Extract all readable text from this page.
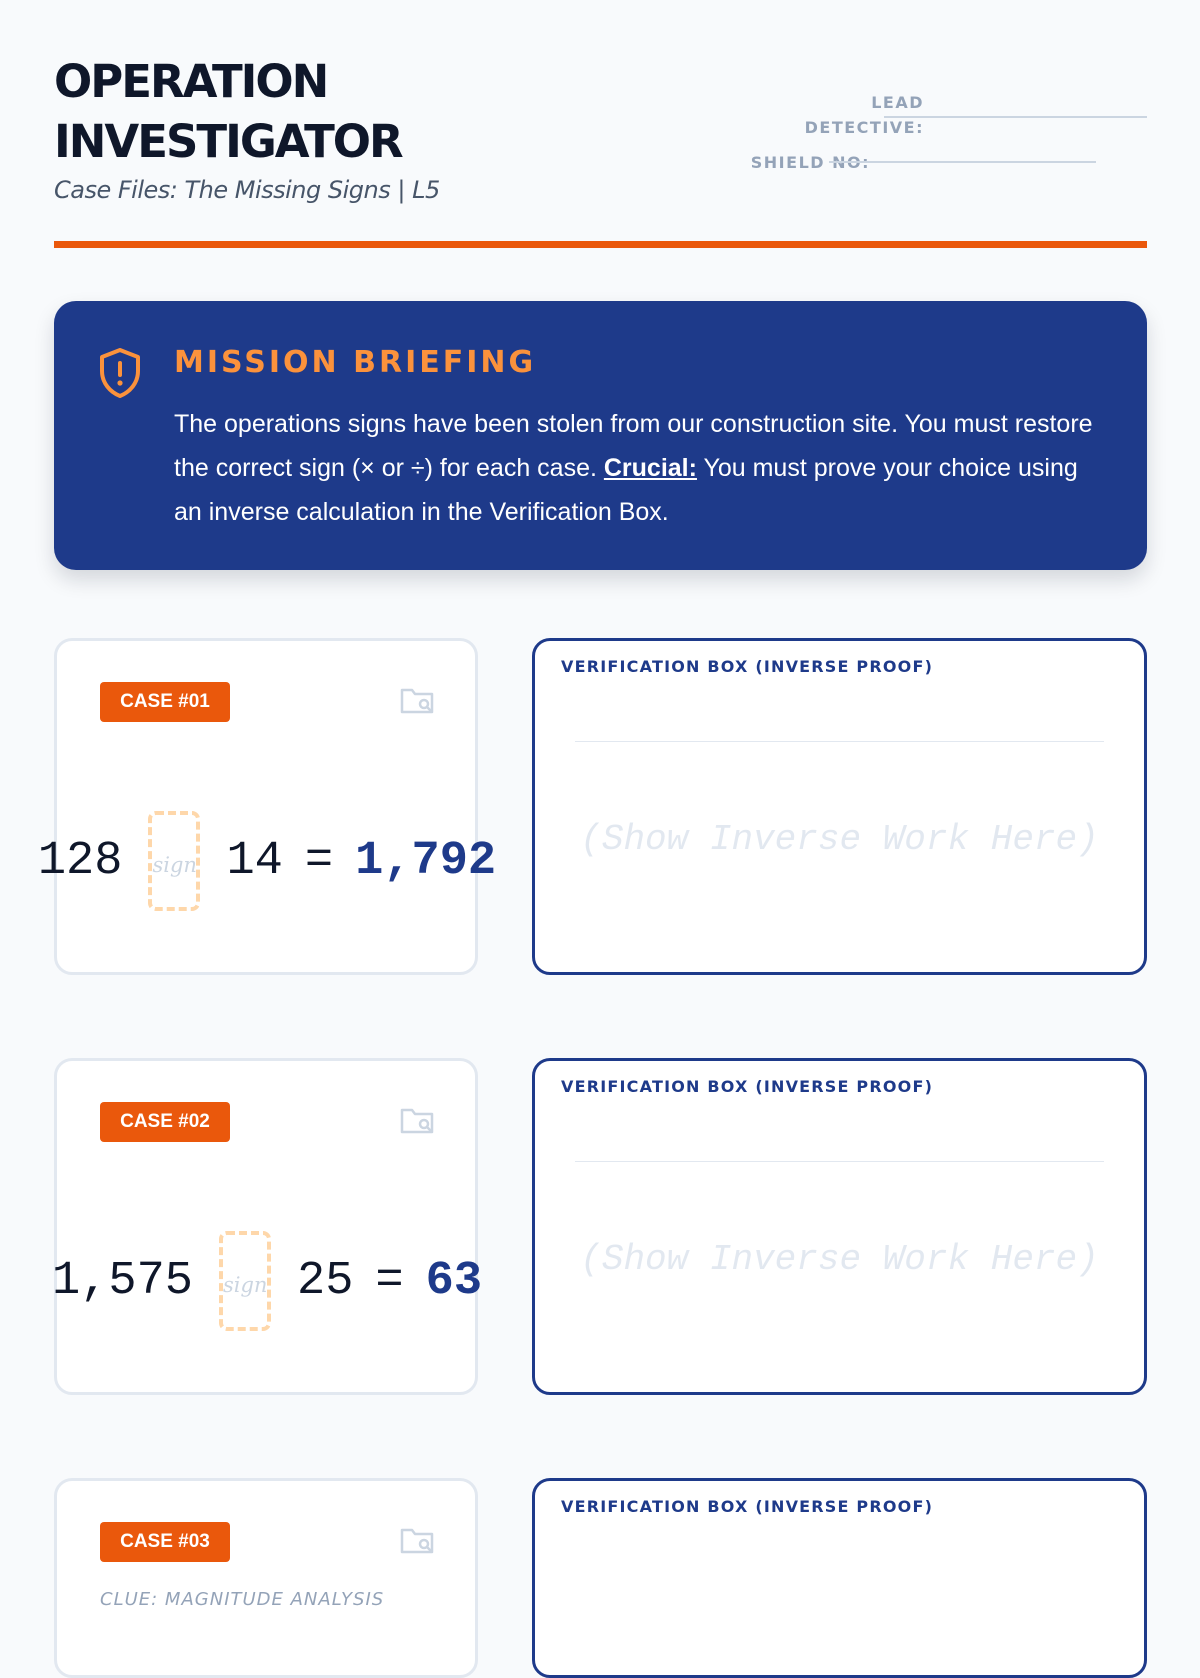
OPERATION
INVESTIGATOR
Case Files: The Missing Signs | L5
LEAD
DETECTIVE:
SHIELD NO:
MISSION BRIEFING
The operations signs have been stolen from our construction site. You must restore the correct sign (× or ÷) for each case. Crucial: You must prove your choice using an inverse calculation in the Verification Box.
CASE #01
128 sign 14 = 1,792
VERIFICATION BOX (INVERSE PROOF)
(Show Inverse Work Here)
CASE #02
1,575 sign 25 = 63
VERIFICATION BOX (INVERSE PROOF)
(Show Inverse Work Here)
CASE #03
CLUE: MAGNITUDE ANALYSIS
VERIFICATION BOX (INVERSE PROOF)
